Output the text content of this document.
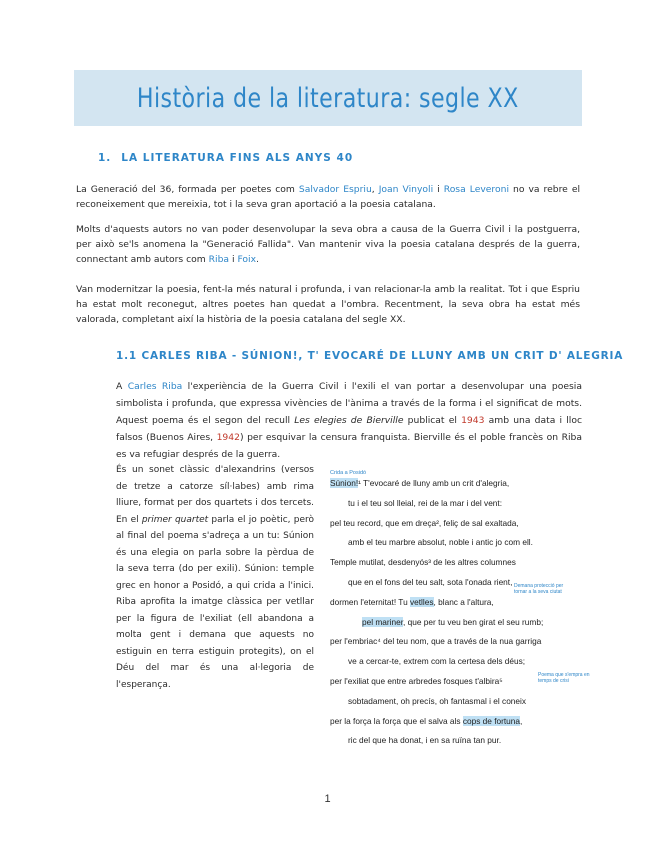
Història de la literatura: segle XX
1. LA LITERATURA FINS ALS ANYS 40

La Generació del 36, formada per poetes com Salvador Espriu, Joan Vinyoli i Rosa Leveroni no va rebre el reconeixement que mereixia, tot i la seva gran aportació a la poesia catalana.

Molts d'aquests autors no van poder desenvolupar la seva obra a causa de la Guerra Civil i la postguerra, per això se'ls anomena la "Generació Fallida". Van mantenir viva la poesia catalana després de la guerra, connectant amb autors com Riba i Foix.

Van modernitzar la poesia, fent-la més natural i profunda, i van relacionar-la amb la realitat. Tot i que Espriu ha estat molt reconegut, altres poetes han quedat a l'ombra. Recentment, la seva obra ha estat més valorada, completant així la història de la poesia catalana del segle XX.

1.1 CARLES RIBA - SÚNION!, T' EVOCARÉ DE LLUNY AMB UN CRIT D' ALEGRIA

A Carles Riba l'experiència de la Guerra Civil i l'exili el van portar a desenvolupar una poesia simbolista i profunda, que expressa vivències de l'ànima a través de la forma i el significat de mots. Aquest poema és el segon del recull Les elegies de Bierville publicat el 1943 amb una data i lloc falsos (Buenos Aires, 1942) per esquivar la censura franquista. Bierville és el poble francès on Riba es va refugiar després de la guerra.

És un sonet clàssic d'alexandrins (versos de tretze a catorze síl·labes) amb rima lliure, format per dos quartets i dos tercets. En el primer quartet parla el jo poètic, però al final del poema s'adreça a un tu: Súnion és una elegia on parla sobre la pèrdua de la seva terra (do per exili). Súnion: temple grec en honor a Posidó, a qui crida a l'inici. Riba aprofita la imatge clàssica per vetllar per la figura de l'exiliat (ell abandona a molta gent i demana que aquests no estiguin en terra estiguin protegits), on el Déu del mar és una al·legoria de l'esperança.

Crida a Posidó
Súnion!¹ T'evocaré de lluny amb un crit d'alegria,
tu i el teu sol lleial, rei de la mar i del vent:
pel teu record, que em dreça², feliç de sal exaltada,
amb el teu marbre absolut, noble i antic jo com ell.
Temple mutilat, desdenyós³ de les altres columnes
que en el fons del teu salt, sota l'onada rient,
dormen l'eternitat! Tu vetlles, blanc a l'altura,
pel mariner, que per tu veu ben girat el seu rumb;
per l'embriac⁴ del teu nom, que a través de la nua garriga
ve a cercar-te, extrem com la certesa dels déus;
per l'exiliat que entre arbredes fosques t'albira⁵
sobtadament, oh precís, oh fantasmal i el coneix
per la força la força que el salva als cops de fortuna,
ric del que ha donat, i en sa ruïna tan pur.
Demana protecció per tornar a la seva ciutat
Poema que s'empra en temps de crisi
1
